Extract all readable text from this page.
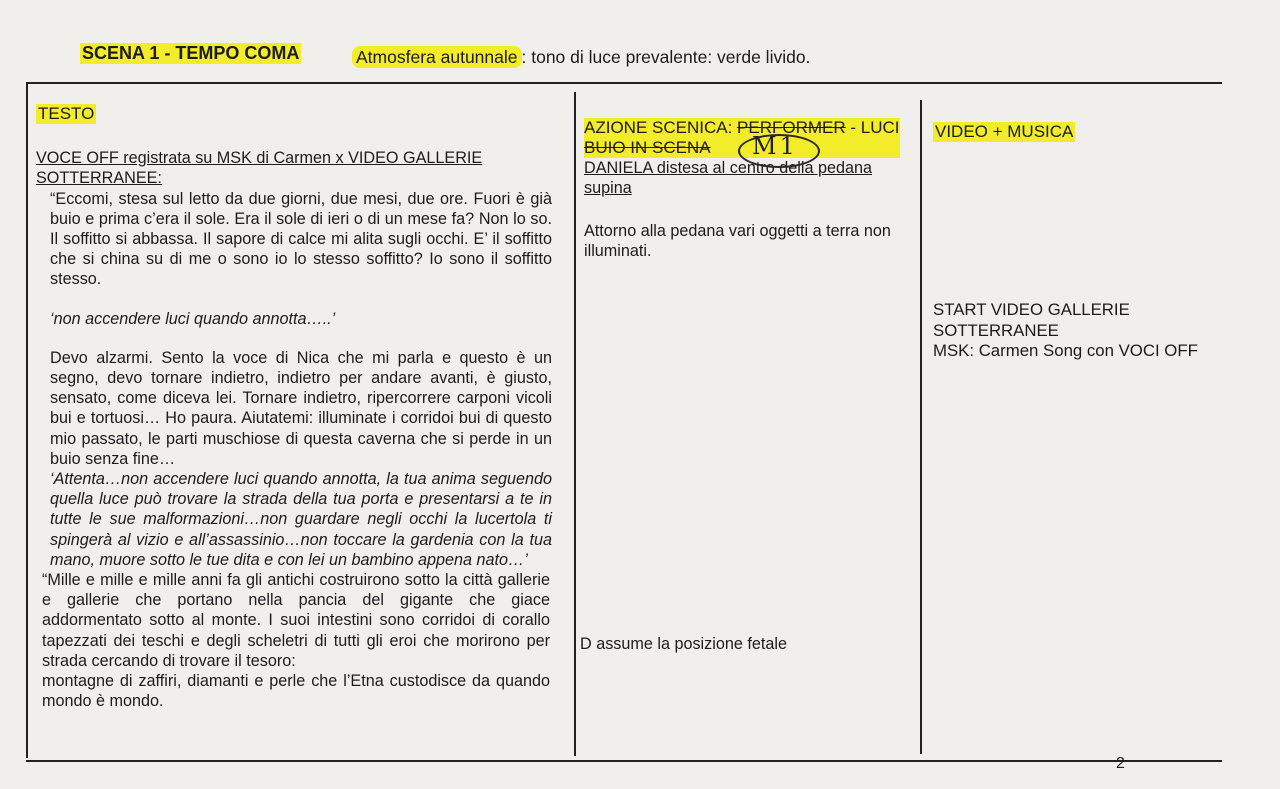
SCENA 1 - TEMPO COMA	Atmosfera autunnale : tono di luce prevalente: verde livido.
TESTO
VOCE OFF registrata su MSK di Carmen x VIDEO GALLERIE SOTTERRANEE:

“Eccomi, stesa sul letto da due giorni, due mesi, due ore. Fuori è già buio e prima c’era il sole. Era il sole di ieri o di un mese fa? Non lo so. Il soffitto si abbassa. Il sapore di calce mi alita sugli occhi. E’ il soffitto che si china su di me o sono io lo stesso soffitto? Io sono il soffitto stesso.

‘non accendere luci quando annotta…..’

Devo alzarmi. Sento la voce di Nica che mi parla e questo è un segno, devo tornare indietro, indietro per andare avanti, è giusto, sensato, come diceva lei. Tornare indietro, ripercorrere carponi vicoli bui e tortuosi… Ho paura. Aiutatemi: illuminate i corridoi bui di questo mio passato, le parti muschiose di questa caverna che si perde in un buio senza fine…

‘Attenta…non accendere luci quando annotta, la tua anima seguendo quella luce può trovare la strada della tua porta e presentarsi a te in tutte le sue malformazioni…non guardare negli occhi la lucertola ti spingerà al vizio e all’assassinio…non toccare la gardenia con la tua mano, muore sotto le tue dita e con lei un bambino appena nato…’

“Mille e mille e mille anni fa gli antichi costruirono sotto la città gallerie e gallerie che portano nella pancia del gigante che giace addormentato sotto al monte. I suoi intestini sono corridoi di corallo tapezzati dei teschi e degli scheletri di tutti gli eroi che morirono per strada cercando di trovare il tesoro:

montagne di zaffiri, diamanti e perle che l’Etna custodisce da quando mondo è mondo.

AZIONE SCENICA: PERFORMER - LUCI
BUIO IN SCENA
DANIELA distesa al centro della pedana supina
Attorno alla pedana vari oggetti a terra non illuminati.
D assume la posizione fetale
M1
VIDEO + MUSICA
START VIDEO GALLERIE SOTTERRANEE
MSK: Carmen Song con VOCI OFF
2
